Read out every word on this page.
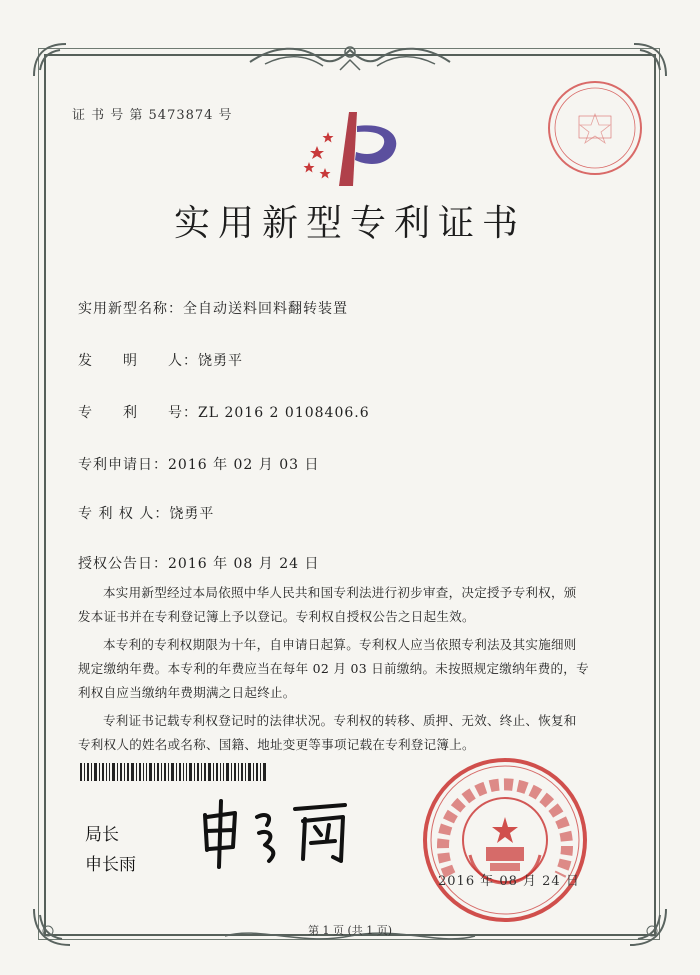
证 书 号 第 5473874 号
实用新型专利证书
实用新型名称：全自动送料回料翻转装置
发　　明　　人：饶勇平
专　　利　　号：ZL 2016 2 0108406.6
专利申请日：2016 年 02 月 03 日
专 利 权 人：饶勇平
授权公告日：2016 年 08 月 24 日

本实用新型经过本局依照中华人民共和国专利法进行初步审查，决定授予专利权，颁

发本证书并在专利登记簿上予以登记。专利权自授权公告之日起生效。

本专利的专利权期限为十年，自申请日起算。专利权人应当依照专利法及其实施细则

规定缴纳年费。本专利的年费应当在每年 02 月 03 日前缴纳。未按照规定缴纳年费的，专

利权自应当缴纳年费期满之日起终止。

专利证书记载专利权登记时的法律状况。专利权的转移、质押、无效、终止、恢复和

专利权人的姓名或名称、国籍、地址变更等事项记载在专利登记簿上。

局长
申长雨
2016 年 08 月 24 日
第 1 页 (共 1 页)
